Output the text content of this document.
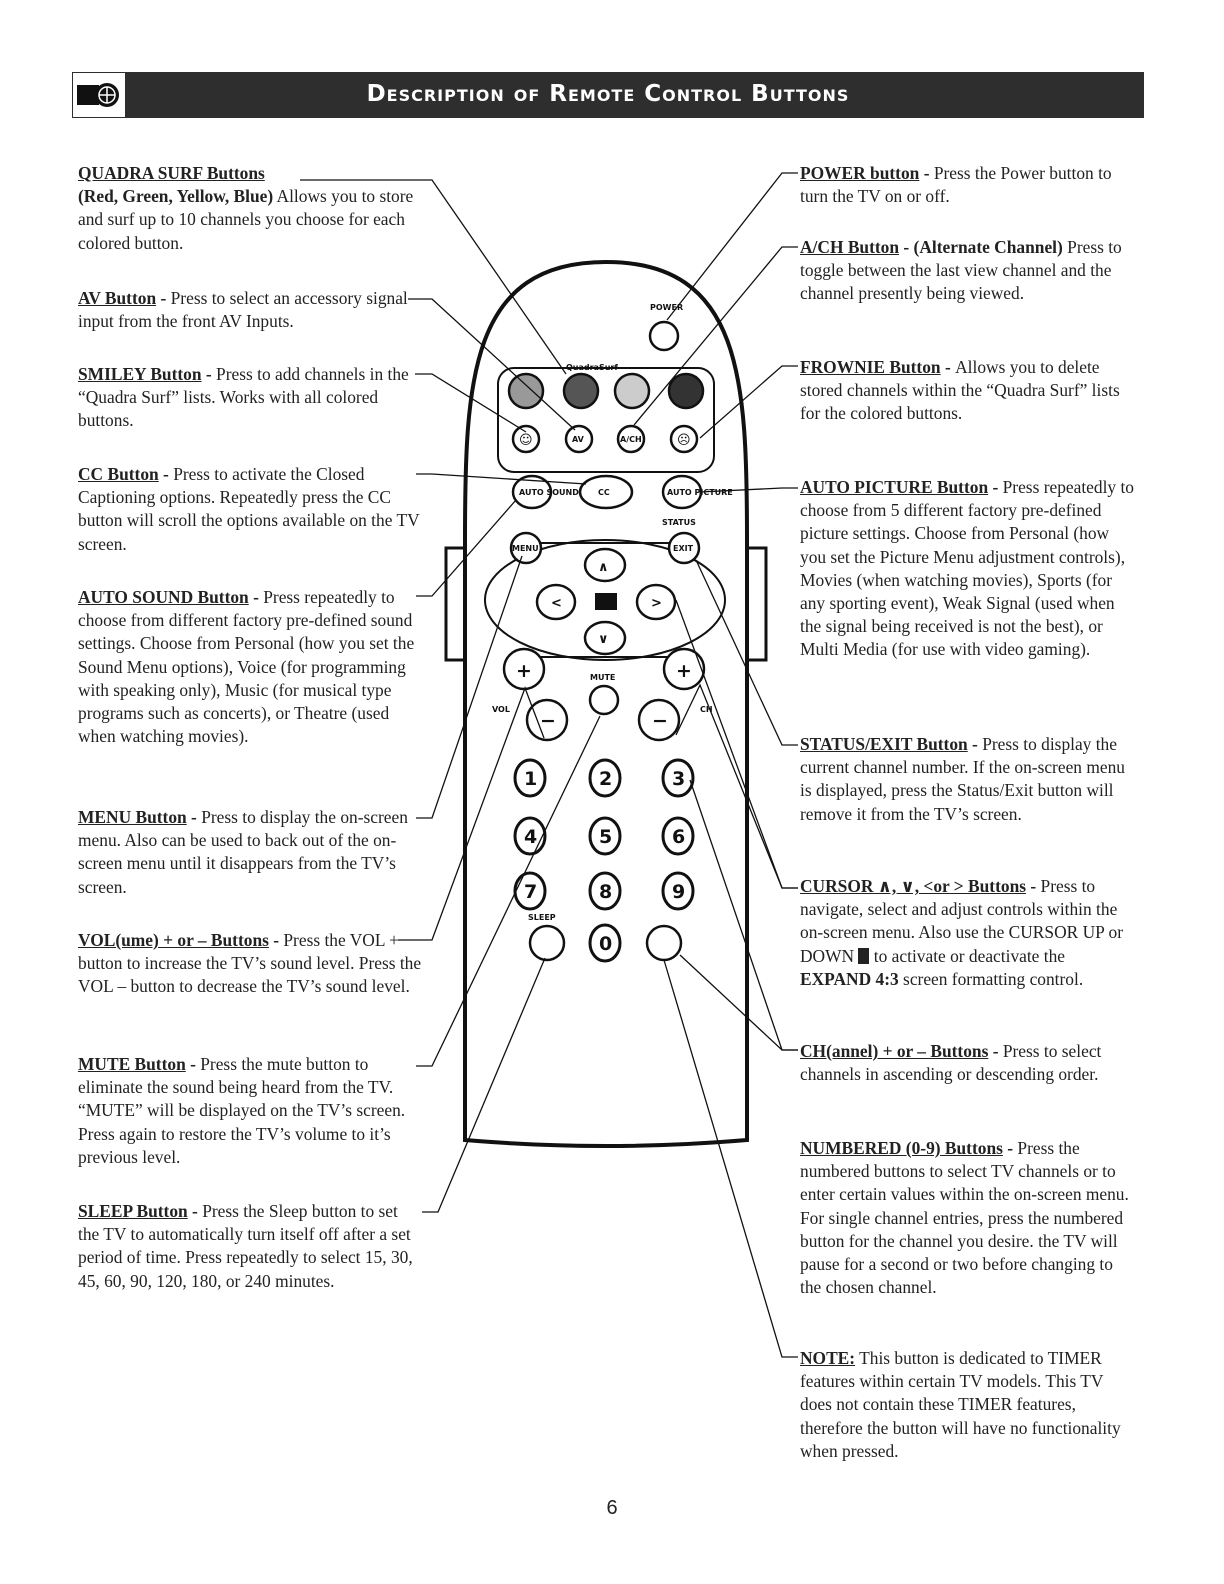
Description of Remote Control Buttons
POWER
QuadraSurf
☺	AV	A/CH	☹
AUTO SOUND CC	AUTO PICTURE
STATUS
MENU	EXIT
∧
<	>
∨
+	+
MUTE
VOL	CH
−	−
1	2	3
4	5	6
7	8	9
SLEEP
0
QUADRA SURF Buttons
(Red, Green, Yellow, Blue) Allows you to store and surf up to 10 channels you choose for each colored button.
AV Button - Press to select an accessory signal input from the front AV Inputs.
SMILEY Button - Press to add channels in the “Quadra Surf” lists. Works with all colored buttons.
CC Button - Press to activate the Closed Captioning options. Repeatedly press the CC button will scroll the options available on the TV screen.
AUTO SOUND Button - Press repeatedly to choose from different factory pre-defined sound settings. Choose from Personal (how you set the Sound Menu options), Voice (for programming with speaking only), Music (for musical type programs such as concerts), or Theatre (used when watching movies).
MENU Button - Press to display the on-screen menu. Also can be used to back out of the on-screen menu until it disappears from the TV’s screen.
VOL(ume) + or – Buttons - Press the VOL + button to increase the TV’s sound level. Press the VOL – button to decrease the TV’s sound level.
MUTE Button - Press the mute button to eliminate the sound being heard from the TV. “MUTE” will be displayed on the TV’s screen. Press again to restore the TV’s volume to it’s previous level.
SLEEP Button - Press the Sleep button to set the TV to automatically turn itself off after a set period of time. Press repeatedly to select 15, 30, 45, 60, 90, 120, 180, or 240 minutes.
POWER button - Press the Power button to turn the TV on or off.
A/CH Button - (Alternate Channel) Press to toggle between the last view channel and the channel presently being viewed.
FROWNIE Button - Allows you to delete stored channels within the “Quadra Surf” lists for the colored buttons.
AUTO PICTURE Button - Press repeatedly to choose from 5 different factory pre-defined picture settings. Choose from Personal (how you set the Picture Menu adjustment controls), Movies (when watching movies), Sports (for any sporting event), Weak Signal (used when the signal being received is not the best), or Multi Media (for use with video gaming).
STATUS/EXIT Button - Press to display the current channel number. If the on-screen menu is displayed, press the Status/Exit button will remove it from the TV’s screen.
CURSOR ∧, ∨, <or > Buttons - Press to navigate, select and adjust controls within the on-screen menu. Also use the CURSOR UP or DOWN  to activate or deactivate the EXPAND 4:3 screen formatting control.
CH(annel) + or – Buttons - Press to select channels in ascending or descending order.
NUMBERED (0-9) Buttons - Press the numbered buttons to select TV channels or to enter certain values within the on-screen menu. For single channel entries, press the numbered button for the channel you desire. the TV will pause for a second or two before changing to the chosen channel.
NOTE: This button is dedicated to TIMER features within certain TV models. This TV does not contain these TIMER features, therefore the button will have no functionality when pressed.
6
